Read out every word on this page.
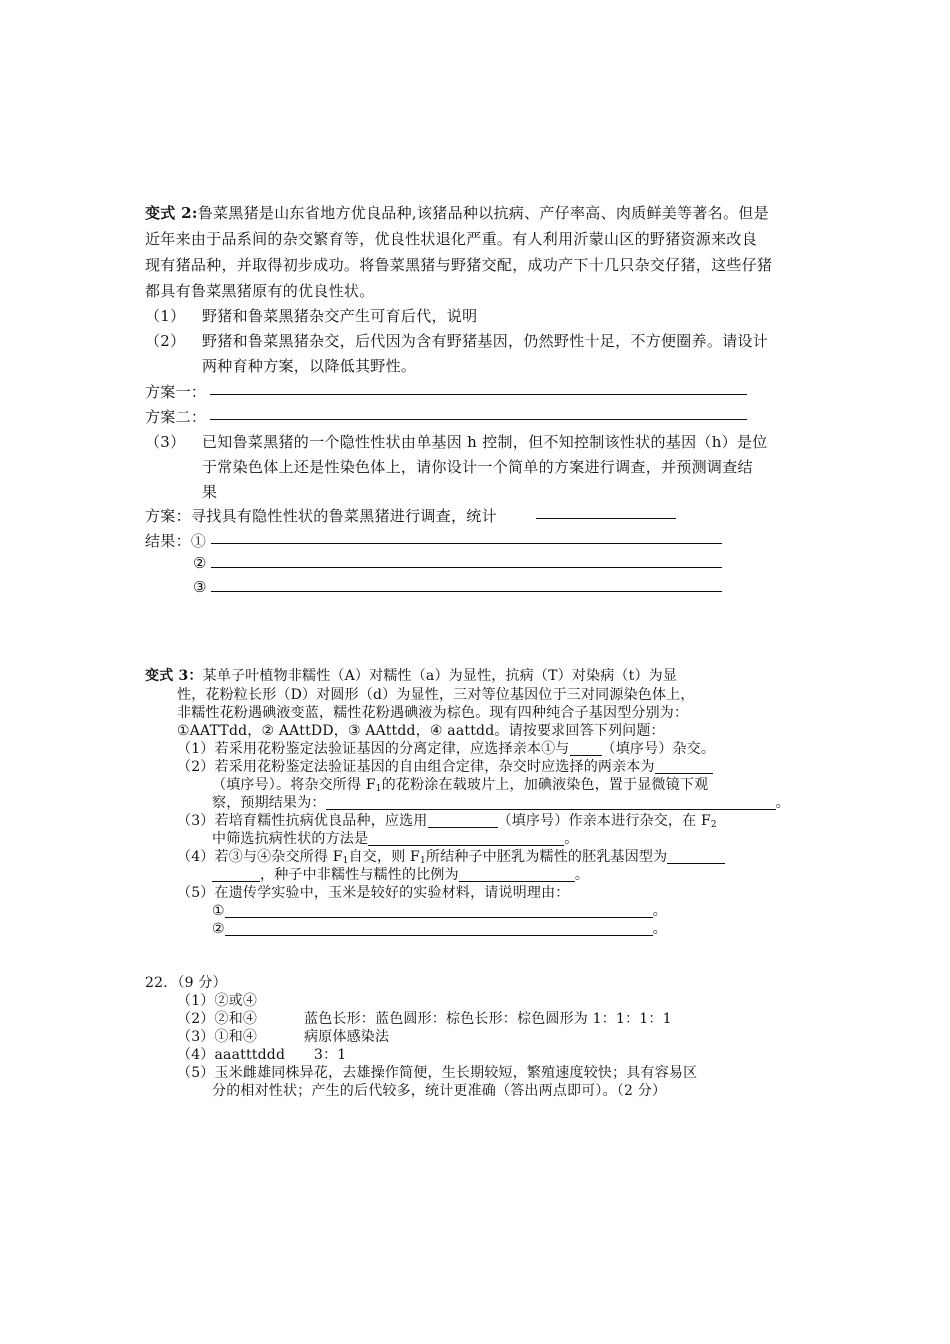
变式 2:鲁菜黑猪是山东省地方优良品种,该猪品种以抗病、产仔率高、肉质鲜美等著名。但是
近年来由于品系间的杂交繁育等，优良性状退化严重。有人利用沂蒙山区的野猪资源来改良
现有猪品种，并取得初步成功。将鲁菜黑猪与野猪交配，成功产下十几只杂交仔猪，这些仔猪
都具有鲁菜黑猪原有的优良性状。
（1） 野猪和鲁菜黑猪杂交产生可育后代，说明
（2） 野猪和鲁菜黑猪杂交，后代因为含有野猪基因，仍然野性十足，不方便圈养。请设计
两种育种方案，以降低其野性。
方案一：
方案二：
（3） 已知鲁菜黑猪的一个隐性性状由单基因 h 控制，但不知控制该性状的基因（h）是位
于常染色体上还是性染色体上，请你设计一个简单的方案进行调查，并预测调查结
果
方案：寻找具有隐性性状的鲁菜黑猪进行调查，统计
结果：①
②
③
变式 3：某单子叶植物非糯性（A）对糯性（a）为显性，抗病（T）对染病（t）为显
性，花粉粒长形（D）对圆形（d）为显性，三对等位基因位于三对同源染色体上，
非糯性花粉遇碘液变蓝，糯性花粉遇碘液为棕色。现有四种纯合子基因型分别为：
①AATTdd，② AAttDD，③ AAttdd，④ aattdd。请按要求回答下列问题：
（1）若采用花粉鉴定法验证基因的分离定律，应选择亲本①与 （填序号）杂交。
（2）若采用花粉鉴定法验证基因的自由组合定律，杂交时应选择的两亲本为
（填序号）。将杂交所得 $F_1$的花粉涂在载玻片上，加碘液染色，置于显微镜下观
察，预期结果为：	。
（3）若培育糯性抗病优良品种，应选用	（填序号）作亲本进行杂交，在 $F_2$
中筛选抗病性状的方法是	。
（4）若③与④杂交所得 $F_1$自交，则 $F_1$所结种子中胚乳为糯性的胚乳基因型为
，种子中非糯性与糯性的比例为	。
（5）在遗传学实验中，玉米是较好的实验材料，请说明理由：
①	。
②	。
22．（9 分）
（1）②或④
（2）②和④	蓝色长形：蓝色圆形：棕色长形：棕色圆形为 1：1：1：1
（3）①和④	病原体感染法
（4）aaatttddd 3：1
（5）玉米雌雄同株异花，去雄操作简便，生长期较短，繁殖速度较快；具有容易区
分的相对性状；产生的后代较多，统计更准确（答出两点即可）。（2 分）
